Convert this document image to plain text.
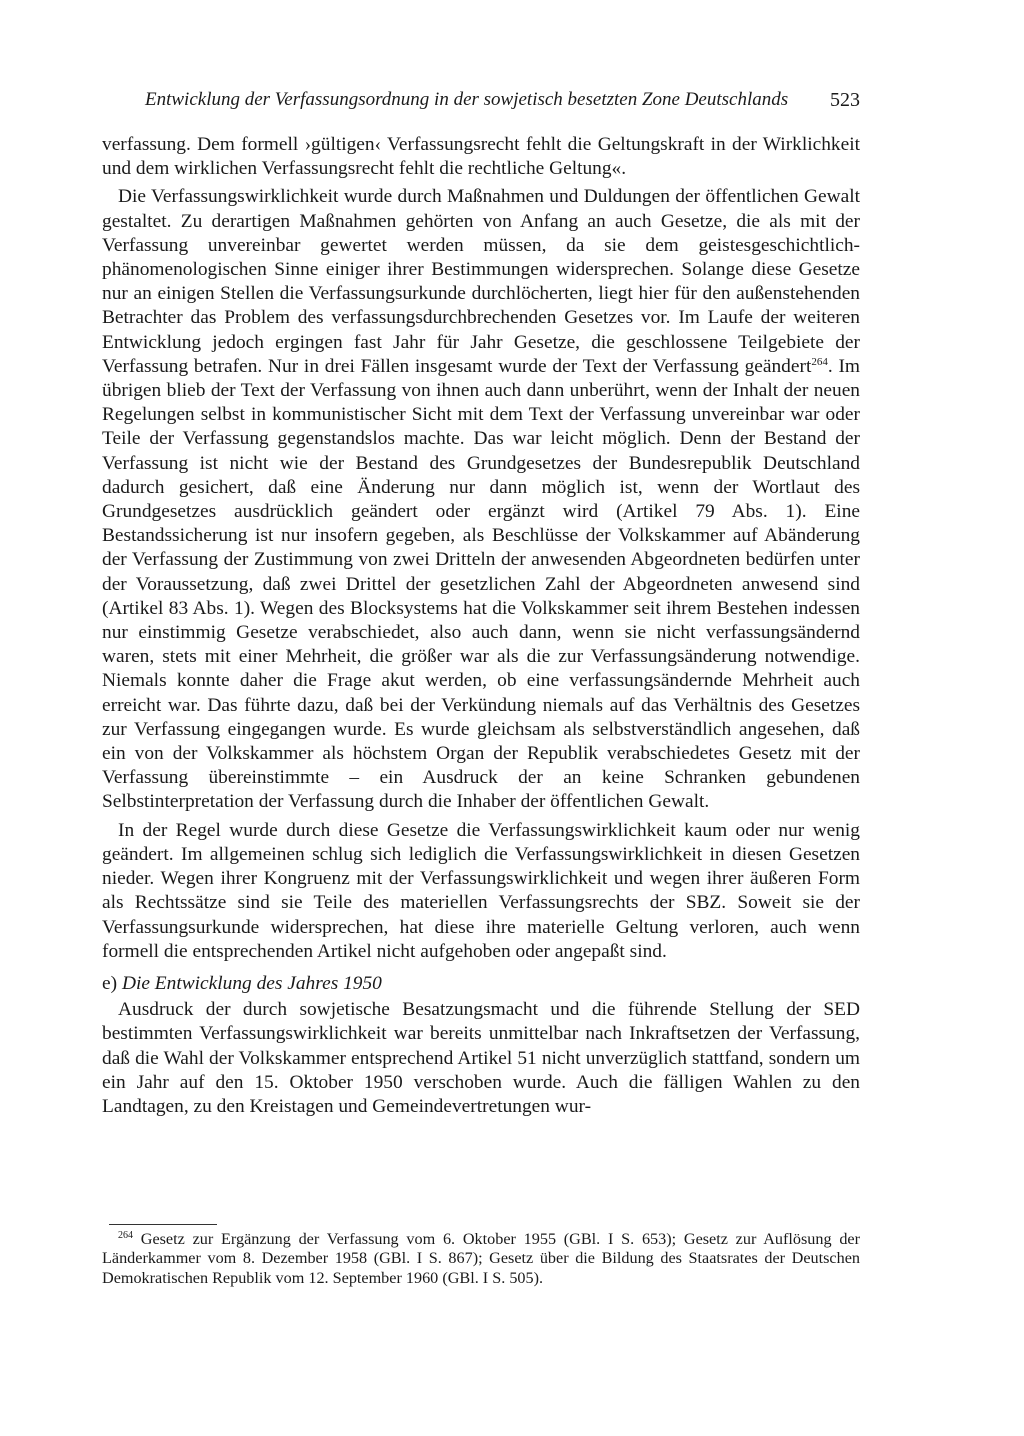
Entwicklung der Verfassungsordnung in der sowjetisch besetzten Zone Deutschlands 523

verfassung. Dem formell ›gültigen‹ Verfassungsrecht fehlt die Geltungskraft in der Wirklichkeit und dem wirklichen Verfassungsrecht fehlt die rechtliche Geltung«.

Die Verfassungswirklichkeit wurde durch Maßnahmen und Duldungen der öffentlichen Gewalt gestaltet. Zu derartigen Maßnahmen gehörten von Anfang an auch Gesetze, die als mit der Verfassung unvereinbar gewertet werden müssen, da sie dem geistesgeschichtlich-phänomenologischen Sinne einiger ihrer Bestimmungen widersprechen. Solange diese Gesetze nur an einigen Stellen die Verfassungsurkunde durchlöcherten, liegt hier für den außenstehenden Betrachter das Problem des verfassungsdurchbrechenden Gesetzes vor. Im Laufe der weiteren Entwicklung jedoch ergingen fast Jahr für Jahr Gesetze, die geschlossene Teilgebiete der Verfassung betrafen. Nur in drei Fällen insgesamt wurde der Text der Verfassung geändert$^{264}$. Im übrigen blieb der Text der Verfassung von ihnen auch dann unberührt, wenn der Inhalt der neuen Regelungen selbst in kommunistischer Sicht mit dem Text der Verfassung unvereinbar war oder Teile der Verfassung gegenstandslos machte. Das war leicht möglich. Denn der Bestand der Verfassung ist nicht wie der Bestand des Grundgesetzes der Bundesrepublik Deutschland dadurch gesichert, daß eine Änderung nur dann möglich ist, wenn der Wortlaut des Grundgesetzes ausdrücklich geändert oder ergänzt wird (Artikel 79 Abs. 1). Eine Bestandssicherung ist nur insofern gegeben, als Beschlüsse der Volkskammer auf Abänderung der Verfassung der Zustimmung von zwei Dritteln der anwesenden Abgeordneten bedürfen unter der Voraussetzung, daß zwei Drittel der gesetzlichen Zahl der Abgeordneten anwesend sind (Artikel 83 Abs. 1). Wegen des Blocksystems hat die Volkskammer seit ihrem Bestehen indessen nur einstimmig Gesetze verabschiedet, also auch dann, wenn sie nicht verfassungsändernd waren, stets mit einer Mehrheit, die größer war als die zur Verfassungsänderung notwendige. Niemals konnte daher die Frage akut werden, ob eine verfassungsändernde Mehrheit auch erreicht war. Das führte dazu, daß bei der Verkündung niemals auf das Verhältnis des Gesetzes zur Verfassung eingegangen wurde. Es wurde gleichsam als selbstverständlich angesehen, daß ein von der Volkskammer als höchstem Organ der Republik verabschiedetes Gesetz mit der Verfassung übereinstimmte – ein Ausdruck der an keine Schranken gebundenen Selbstinterpretation der Verfassung durch die Inhaber der öffentlichen Gewalt.

In der Regel wurde durch diese Gesetze die Verfassungswirklichkeit kaum oder nur wenig geändert. Im allgemeinen schlug sich lediglich die Verfassungswirklichkeit in diesen Gesetzen nieder. Wegen ihrer Kongruenz mit der Verfassungswirklichkeit und wegen ihrer äußeren Form als Rechtssätze sind sie Teile des materiellen Verfassungsrechts der SBZ. Soweit sie der Verfassungsurkunde widersprechen, hat diese ihre materielle Geltung verloren, auch wenn formell die entsprechenden Artikel nicht aufgehoben oder angepaßt sind.

e) Die Entwicklung des Jahres 1950

Ausdruck der durch sowjetische Besatzungsmacht und die führende Stellung der SED bestimmten Verfassungswirklichkeit war bereits unmittelbar nach Inkraftsetzen der Verfassung, daß die Wahl der Volkskammer entsprechend Artikel 51 nicht unverzüglich stattfand, sondern um ein Jahr auf den 15. Oktober 1950 verschoben wurde. Auch die fälligen Wahlen zu den Landtagen, zu den Kreistagen und Gemeindevertretungen wur-

$^{264}$ Gesetz zur Ergänzung der Verfassung vom 6. Oktober 1955 (GBl. I S. 653); Gesetz zur Auflösung der Länderkammer vom 8. Dezember 1958 (GBl. I S. 867); Gesetz über die Bildung des Staatsrates der Deutschen Demokratischen Republik vom 12. September 1960 (GBl. I S. 505).
